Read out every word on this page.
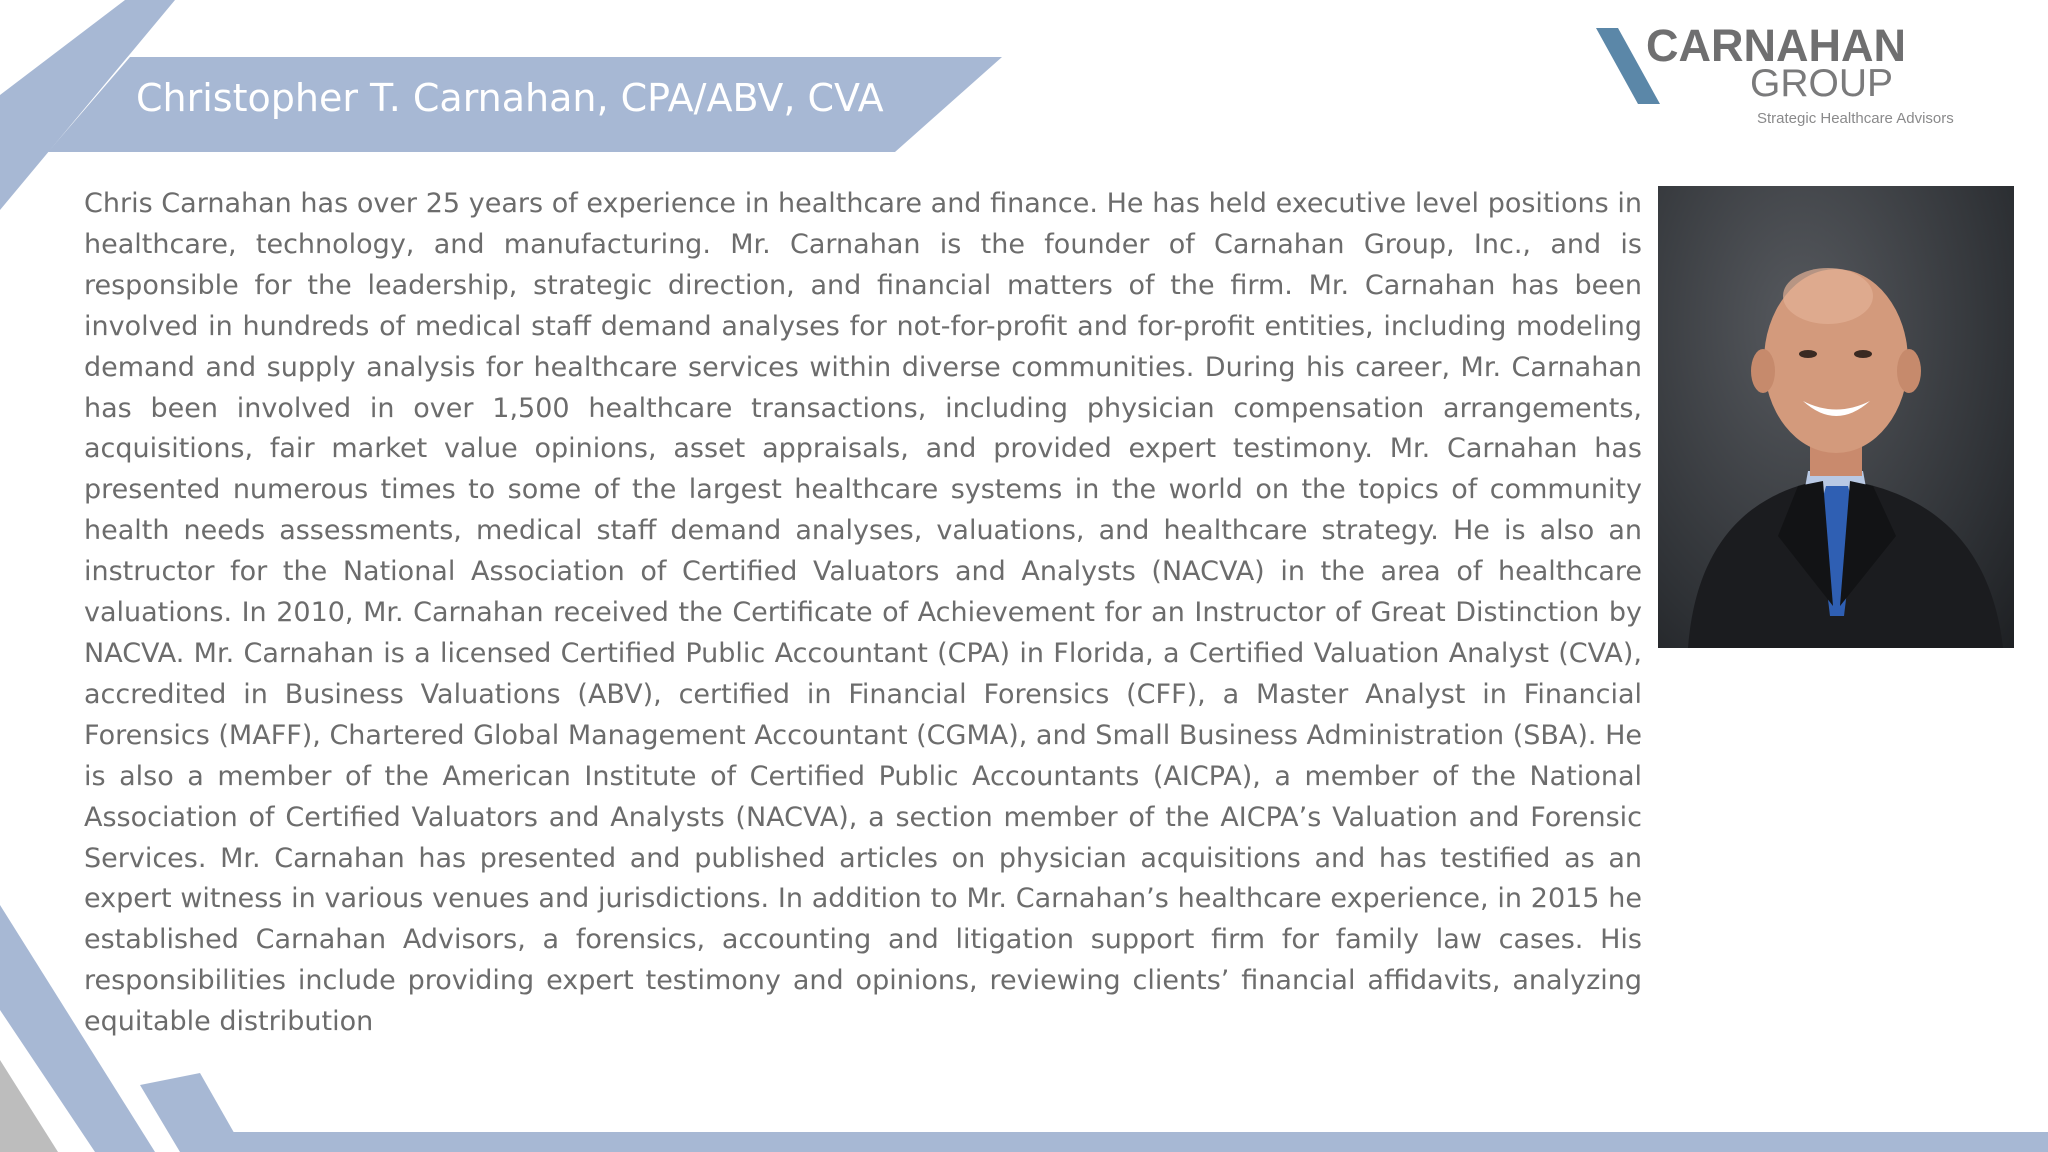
Christopher T. Carnahan, CPA/ABV, CVA
CARNAHAN
GROUP
Strategic Healthcare Advisors

Chris Carnahan has over 25 years of experience in healthcare and finance. He has held executive level positions in healthcare, technology, and manufacturing. Mr. Carnahan is the founder of Carnahan Group, Inc., and is responsible for the leadership, strategic direction, and financial matters of the firm. Mr. Carnahan has been involved in hundreds of medical staff demand analyses for not-for-profit and for-profit entities, including modeling demand and supply analysis for healthcare services within diverse communities. During his career, Mr. Carnahan has been involved in over 1,500 healthcare transactions, including physician compensation arrangements, acquisitions, fair market value opinions, asset appraisals, and provided expert testimony. Mr. Carnahan has presented numerous times to some of the largest healthcare systems in the world on the topics of community health needs assessments, medical staff demand analyses, valuations, and healthcare strategy. He is also an instructor for the National Association of Certified Valuators and Analysts (NACVA) in the area of healthcare valuations. In 2010, Mr. Carnahan received the Certificate of Achievement for an Instructor of Great Distinction by NACVA. Mr. Carnahan is a licensed Certified Public Accountant (CPA) in Florida, a Certified Valuation Analyst (CVA), accredited in Business Valuations (ABV), certified in Financial Forensics (CFF), a Master Analyst in Financial Forensics (MAFF), Chartered Global Management Accountant (CGMA), and Small Business Administration (SBA). He is also a member of the American Institute of Certified Public Accountants (AICPA), a member of the National Association of Certified Valuators and Analysts (NACVA), a section member of the AICPA’s Valuation and Forensic Services. Mr. Carnahan has presented and published articles on physician acquisitions and has testified as an expert witness in various venues and jurisdictions. In addition to Mr. Carnahan’s healthcare experience, in 2015 he established Carnahan Advisors, a forensics, accounting and litigation support firm for family law cases. His responsibilities include providing expert testimony and opinions, reviewing clients’ financial affidavits, analyzing equitable distribution
